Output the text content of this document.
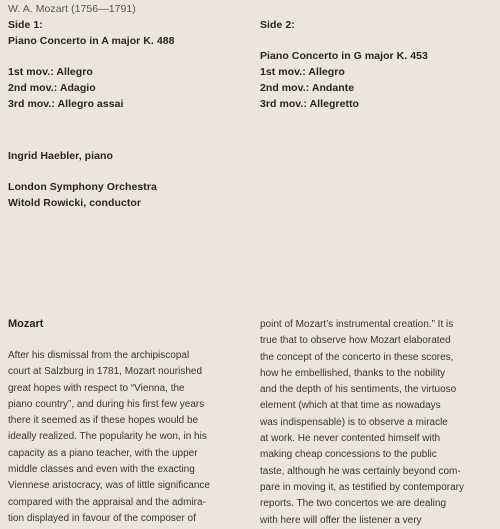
W. A. Mozart (1756—1791)
Side 1:
Piano Concerto in A major K. 488
1st mov.: Allegro
2nd mov.: Adagio
3rd mov.: Allegro assai
Side 2:
Piano Concerto in G major K. 453
1st mov.: Allegro
2nd mov.: Andante
3rd mov.: Allegretto
Ingrid Haebler, piano
London Symphony Orchestra
Witold Rowicki, conductor
Mozart
After his dismissal from the archipiscopal
court at Salzburg in 1781, Mozart nourished
great hopes with respect to “Vienna, the
piano country”, and during his first few years
there it seemed as if these hopes would be
ideally realized. The popularity he won, in his
capacity as a piano teacher, with the upper
middle classes and even with the exacting
Viennese aristocracy, was of little significance
compared with the appraisal and the admira-
tion displayed in favour of the composer of
point of Mozart’s instrumental creation.” It is
true that to observe how Mozart elaborated
the concept of the concerto in these scores,
how he embellished, thanks to the nobility
and the depth of his sentiments, the virtuoso
element (which at that time as nowadays
was indispensable) is to observe a miracle
at work. He never contented himself with
making cheap concessions to the public
taste, although he was certainly beyond com-
pare in moving it, as testified by contemporary
reports. The two concertos we are dealing
with here will offer the listener a very
